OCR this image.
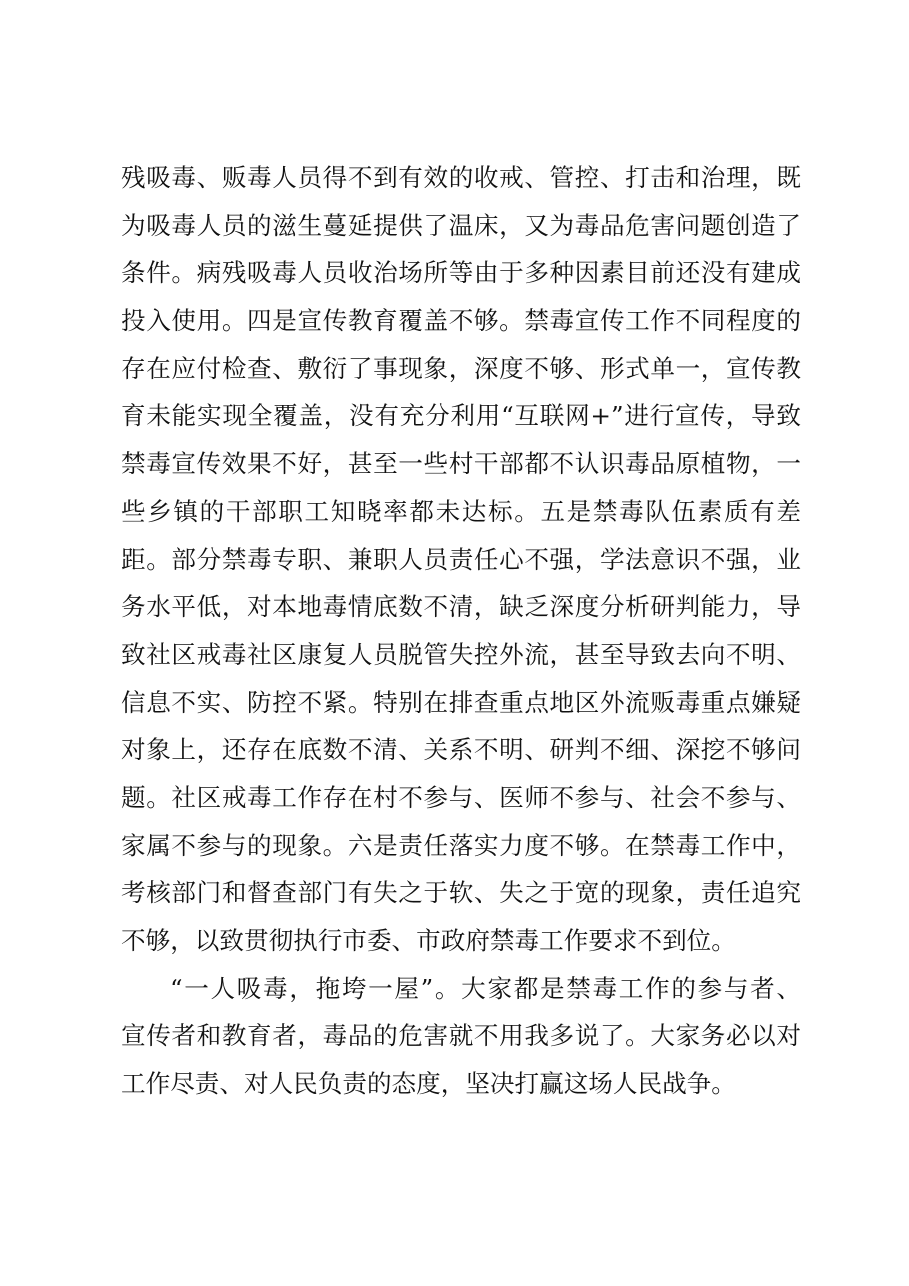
残吸毒、贩毒人员得不到有效的收戒、管控、打击和治理，既
为吸毒人员的滋生蔓延提供了温床，又为毒品危害问题创造了
条件。病残吸毒人员收治场所等由于多种因素目前还没有建成
投入使用。四是宣传教育覆盖不够。禁毒宣传工作不同程度的
存在应付检查、敷衍了事现象，深度不够、形式单一，宣传教
育未能实现全覆盖，没有充分利用“互联网+”进行宣传，导致
禁毒宣传效果不好，甚至一些村干部都不认识毒品原植物，一
些乡镇的干部职工知晓率都未达标。五是禁毒队伍素质有差
距。部分禁毒专职、兼职人员责任心不强，学法意识不强，业
务水平低，对本地毒情底数不清，缺乏深度分析研判能力，导
致社区戒毒社区康复人员脱管失控外流，甚至导致去向不明、
信息不实、防控不紧。特别在排查重点地区外流贩毒重点嫌疑
对象上，还存在底数不清、关系不明、研判不细、深挖不够问
题。社区戒毒工作存在村不参与、医师不参与、社会不参与、
家属不参与的现象。六是责任落实力度不够。在禁毒工作中，
考核部门和督查部门有失之于软、失之于宽的现象，责任追究
不够，以致贯彻执行市委、市政府禁毒工作要求不到位。
“一人吸毒，拖垮一屋”。大家都是禁毒工作的参与者、
宣传者和教育者，毒品的危害就不用我多说了。大家务必以对
工作尽责、对人民负责的态度，坚决打赢这场人民战争。
